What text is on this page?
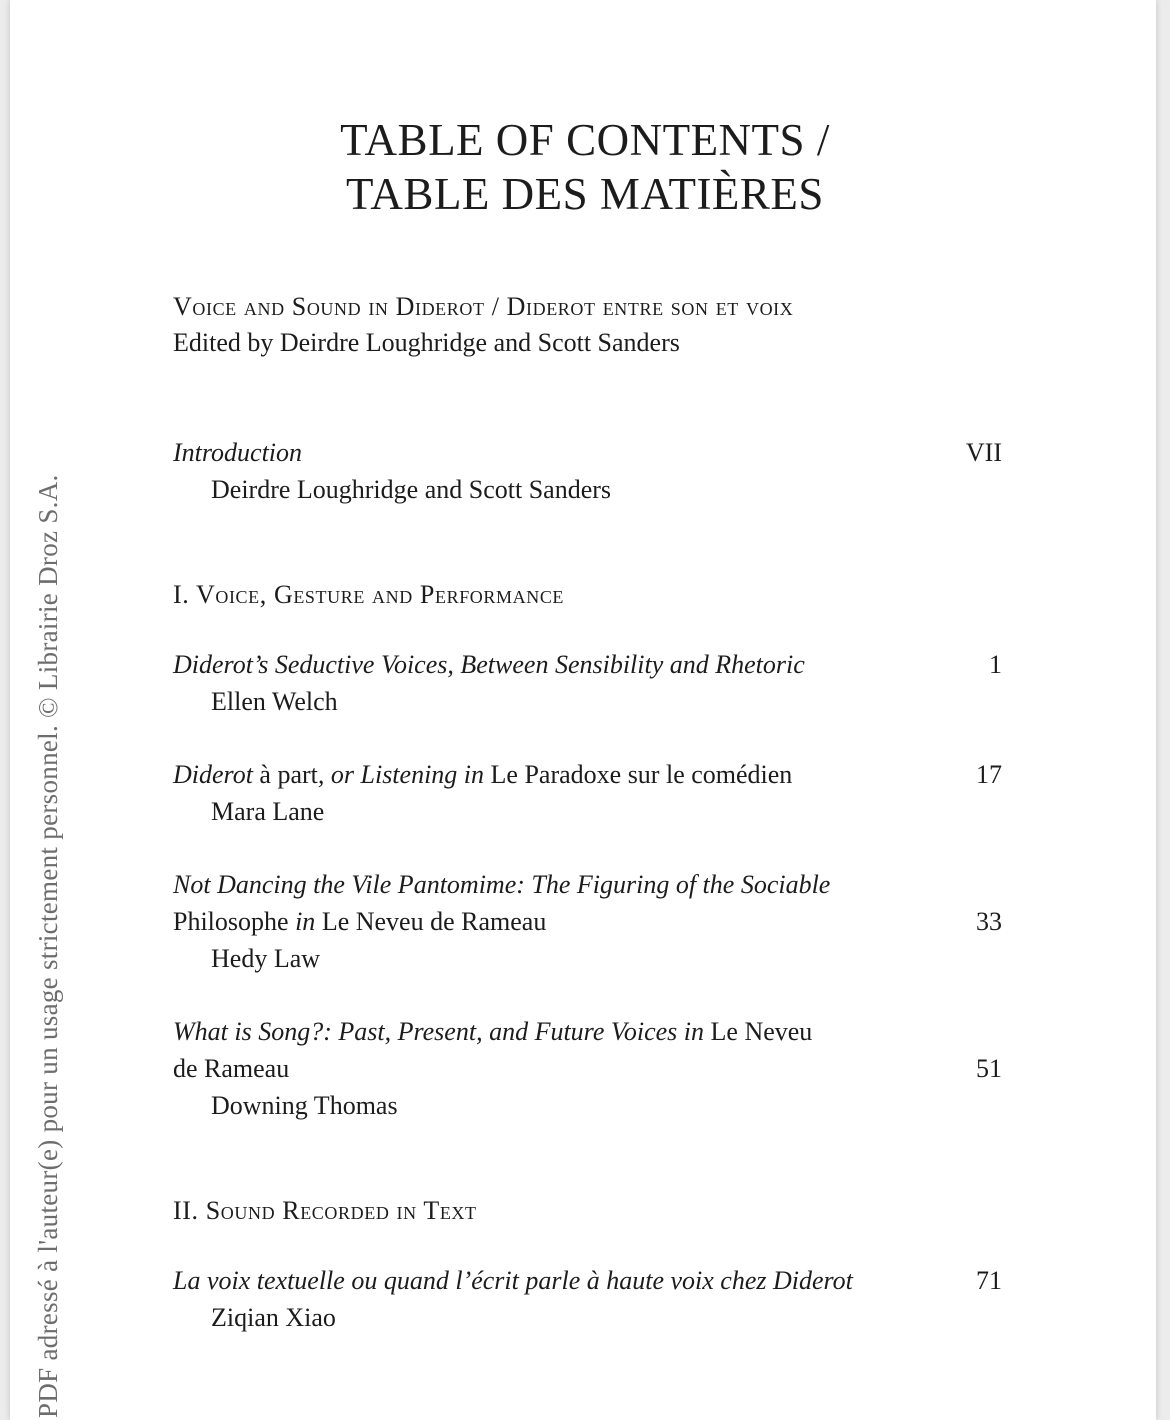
PDF adressé à l'auteur(e) pour un usage strictement personnel. © Librairie Droz S.A.
TABLE OF CONTENTS /
TABLE DES MATIÈRES
Voice and Sound in Diderot / Diderot entre son et voix
Edited by Deirdre Loughridge and Scott Sanders
Introduction	VII
Deirdre Loughridge and Scott Sanders
I. Voice, Gesture and Performance
Diderot’s Seductive Voices, Between Sensibility and Rhetoric	1
Ellen Welch
Diderot à part, or Listening in Le Paradoxe sur le comédien	17
Mara Lane
Not Dancing the Vile Pantomime: The Figuring of the Sociable
Philosophe in Le Neveu de Rameau	33
Hedy Law
What is Song?: Past, Present, and Future Voices in Le Neveu
de Rameau	51
Downing Thomas
II. Sound Recorded in Text
La voix textuelle ou quand l’écrit parle à haute voix chez Diderot	71
Ziqian Xiao
